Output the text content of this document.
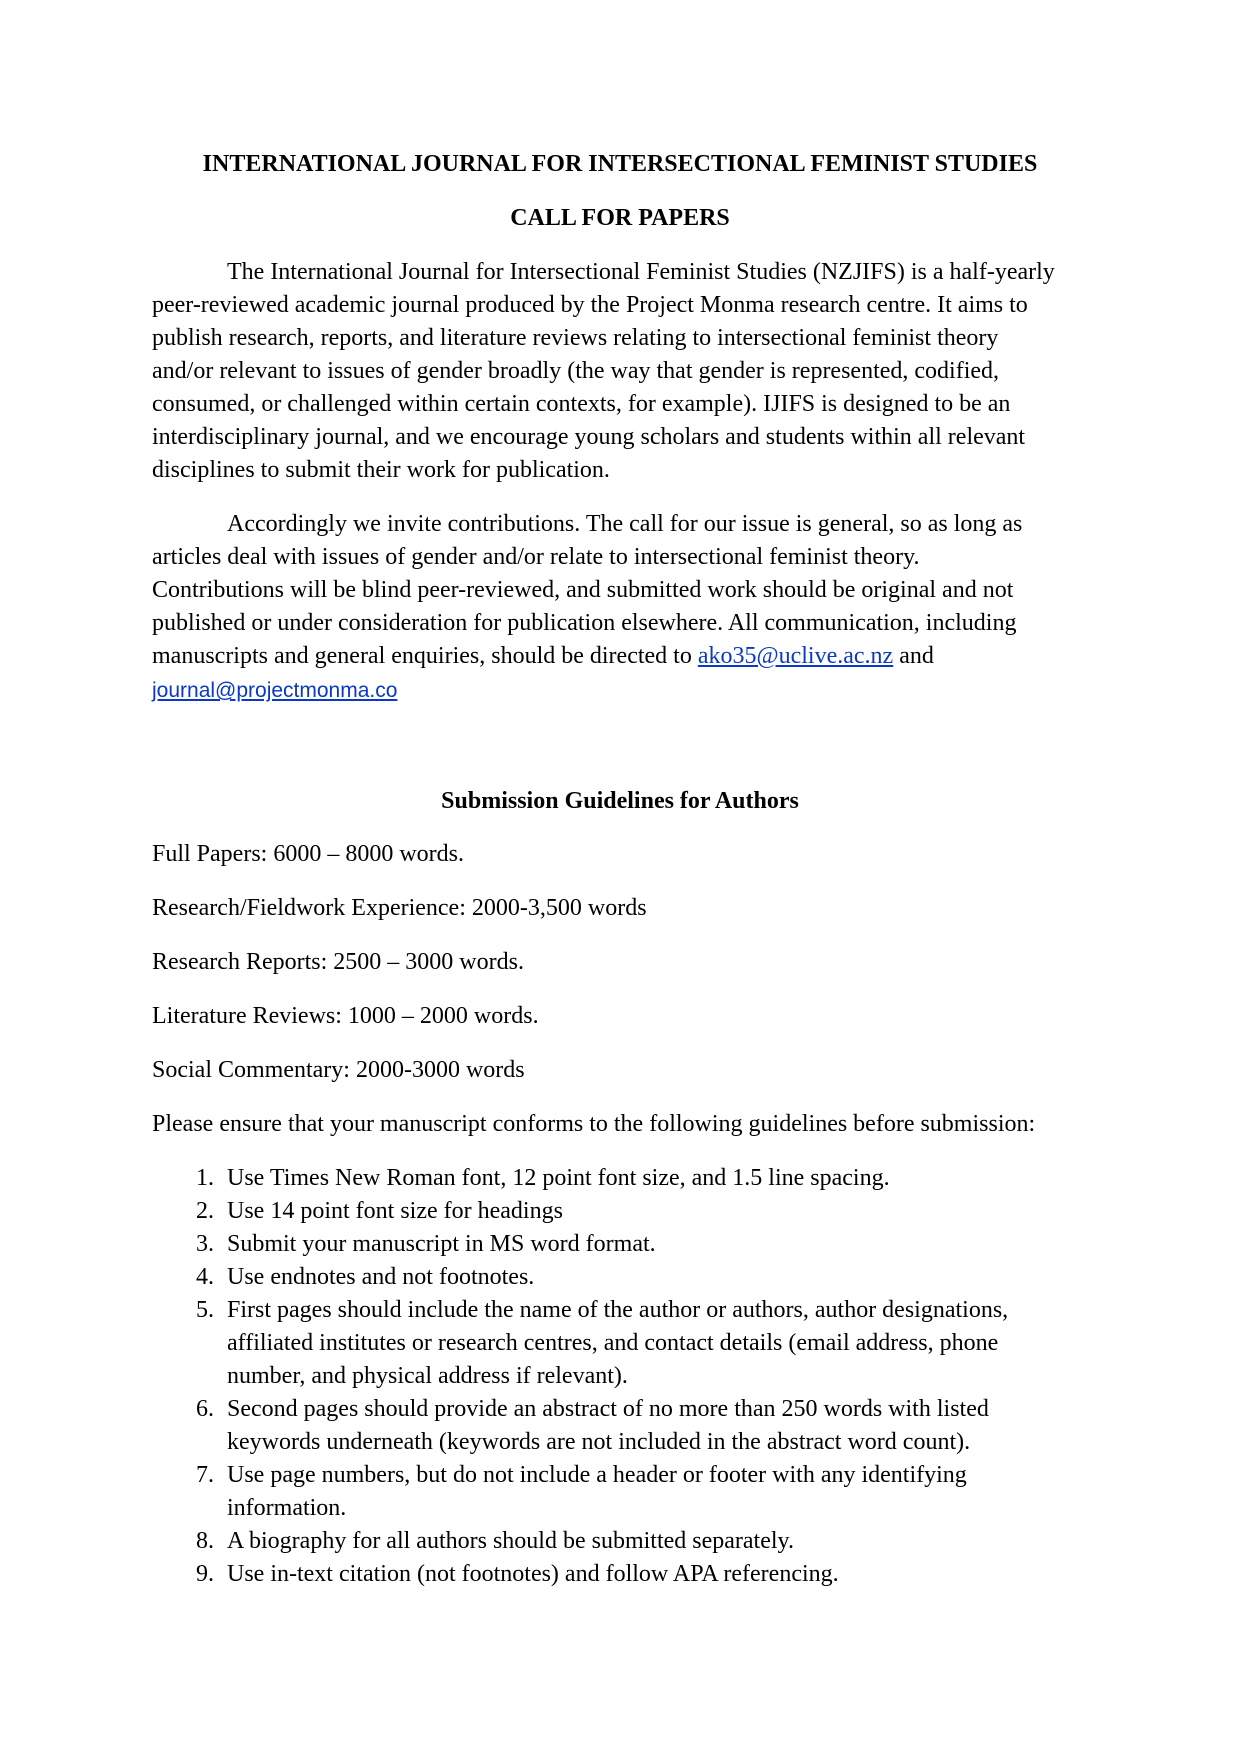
INTERNATIONAL JOURNAL FOR INTERSECTIONAL FEMINIST STUDIES
CALL FOR PAPERS
The International Journal for Intersectional Feminist Studies (NZJIFS) is a half-yearly
peer-reviewed academic journal produced by the Project Monma research centre. It aims to
publish research, reports, and literature reviews relating to intersectional feminist theory
and/or relevant to issues of gender broadly (the way that gender is represented, codified,
consumed, or challenged within certain contexts, for example). IJIFS is designed to be an
interdisciplinary journal, and we encourage young scholars and students within all relevant
disciplines to submit their work for publication.
Accordingly we invite contributions. The call for our issue is general, so as long as
articles deal with issues of gender and/or relate to intersectional feminist theory.
Contributions will be blind peer-reviewed, and submitted work should be original and not
published or under consideration for publication elsewhere. All communication, including
manuscripts and general enquiries, should be directed to ako35@uclive.ac.nz and
journal@projectmonma.co
Submission Guidelines for Authors
Full Papers: 6000 – 8000 words.
Research/Fieldwork Experience: 2000-3,500 words
Research Reports: 2500 – 3000 words.
Literature Reviews: 1000 – 2000 words.
Social Commentary: 2000-3000 words
Please ensure that your manuscript conforms to the following guidelines before submission:
1. Use Times New Roman font, 12 point font size, and 1.5 line spacing.
2. Use 14 point font size for headings
3. Submit your manuscript in MS word format.
4. Use endnotes and not footnotes.
5. First pages should include the name of the author or authors, author designations,
affiliated institutes or research centres, and contact details (email address, phone
number, and physical address if relevant).
6. Second pages should provide an abstract of no more than 250 words with listed
keywords underneath (keywords are not included in the abstract word count).
7. Use page numbers, but do not include a header or footer with any identifying
information.
8. A biography for all authors should be submitted separately.
9. Use in-text citation (not footnotes) and follow APA referencing.
